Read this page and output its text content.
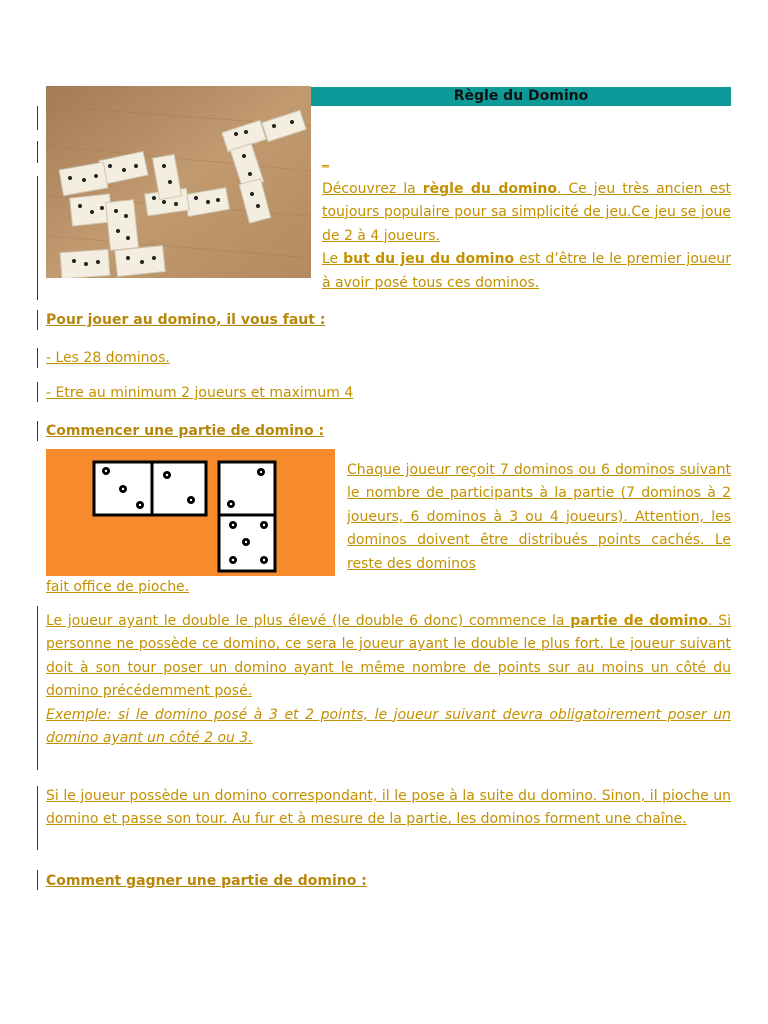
Règle du Domino
_
Découvrez la règle du domino. Ce jeu très ancien est toujours populaire pour sa simplicité de jeu.Ce jeu se joue de 2 à 4 joueurs.
Le but du jeu du domino est d’être le le premier joueur à avoir posé tous ces dominos.
Pour jouer au domino, il vous faut :
- Les 28 dominos.
- Etre au minimum 2 joueurs et maximum 4
Commencer une partie de domino :
Chaque joueur reçoit 7 dominos ou 6 dominos suivant le nombre de participants à la partie (7 dominos à 2 joueurs, 6 dominos à 3 ou 4 joueurs). Attention, les dominos doivent être distribués points cachés. Le reste des dominos
fait office de pioche.
Le joueur ayant le double le plus élevé (le double 6 donc) commence la partie de domino. Si personne ne possède ce domino, ce sera le joueur ayant le double le plus fort. Le joueur suivant doit à son tour poser un domino ayant le même nombre de points sur au moins un côté du domino précédemment posé.
Exemple: si le domino posé à 3 et 2 points, le joueur suivant devra obligatoirement poser un domino ayant un côté 2 ou 3.
Si le joueur possède un domino correspondant, il le pose à la suite du domino. Sinon, il pioche un domino et passe son tour. Au fur et à mesure de la partie, les dominos forment une chaîne.
Comment gagner une partie de domino :
